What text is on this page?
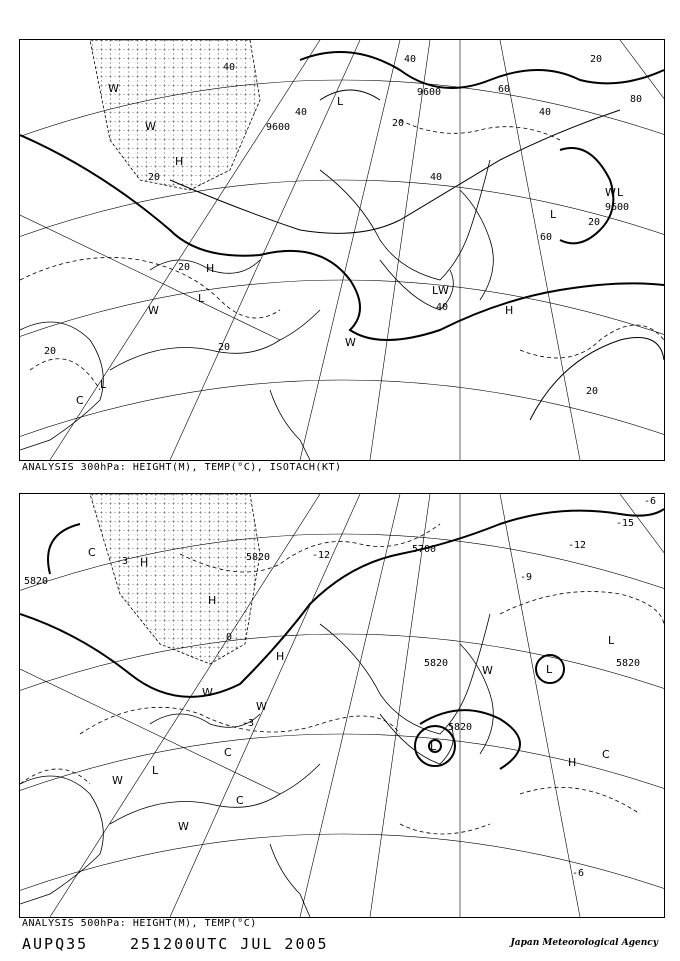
9600
9600
9600
20
20
20	20
20
20
20
20
40
40
40
40
40
40
60
60
80
H
H
H
L
L
L
L
L
L
W
W
W
W
W
W
C
ANALYSIS 300hPa: HEIGHT(M), TEMP(°C), ISOTACH(KT)
5820
5820
5820
5700
5820
5820
-12
-15
-12
-9
-6
-3
0
-3
-6
H
H
H
H
L
L
L
L
W
W
W
W
W
C
C
C
C
ANALYSIS 500hPa: HEIGHT(M), TEMP(°C)
AUPQ35	251200UTC JUL 2005	Japan Meteorological Agency
